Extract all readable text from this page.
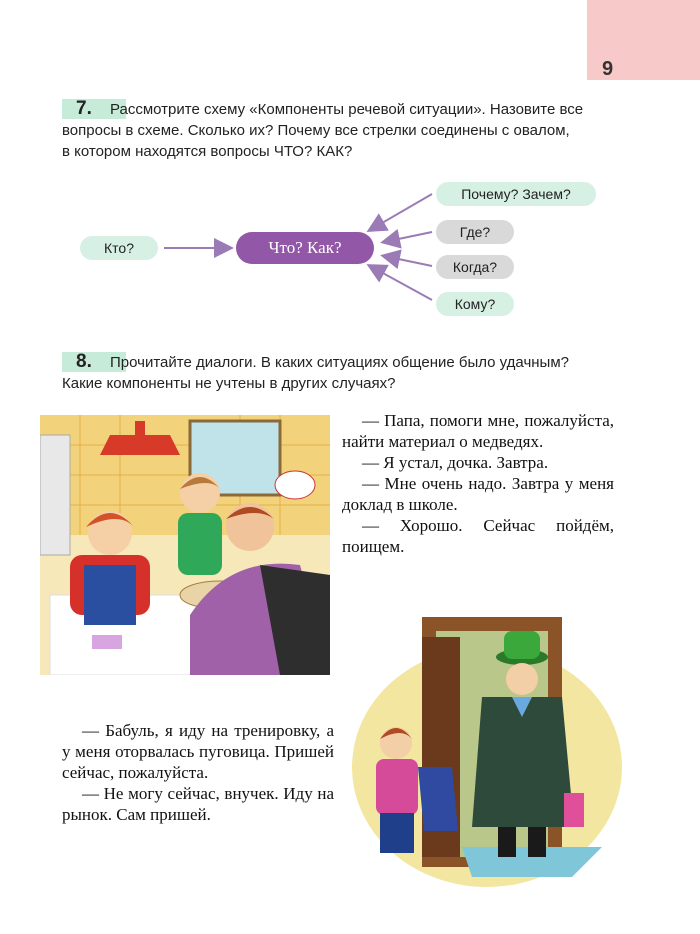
9
7.	Рассмотрите схему «Компоненты речевой ситуации». Назовите все
вопросы в схеме. Сколько их? Почему все стрелки соединены с овалом,
в котором находятся вопросы ЧТО? КАК?
Кто?	Что? Как?
Почему? Зачем?
Где?
Когда?
Кому?
8.	Прочитайте диалоги. В каких ситуациях общение было удачным?
Какие компоненты не учтены в других случаях?

— Папа, помоги мне, пожалуйста, найти материал о медведях.

— Я устал, дочка. Завтра.

— Мне очень надо. Завтра у меня доклад в школе.

— Хорошо. Сейчас пойдём, поищем.

— Бабуль, я иду на тренировку, а у меня оторвалась пуговица. Пришей сейчас, пожалуйста.

— Не могу сейчас, внучек. Иду на рынок. Сам пришей.
